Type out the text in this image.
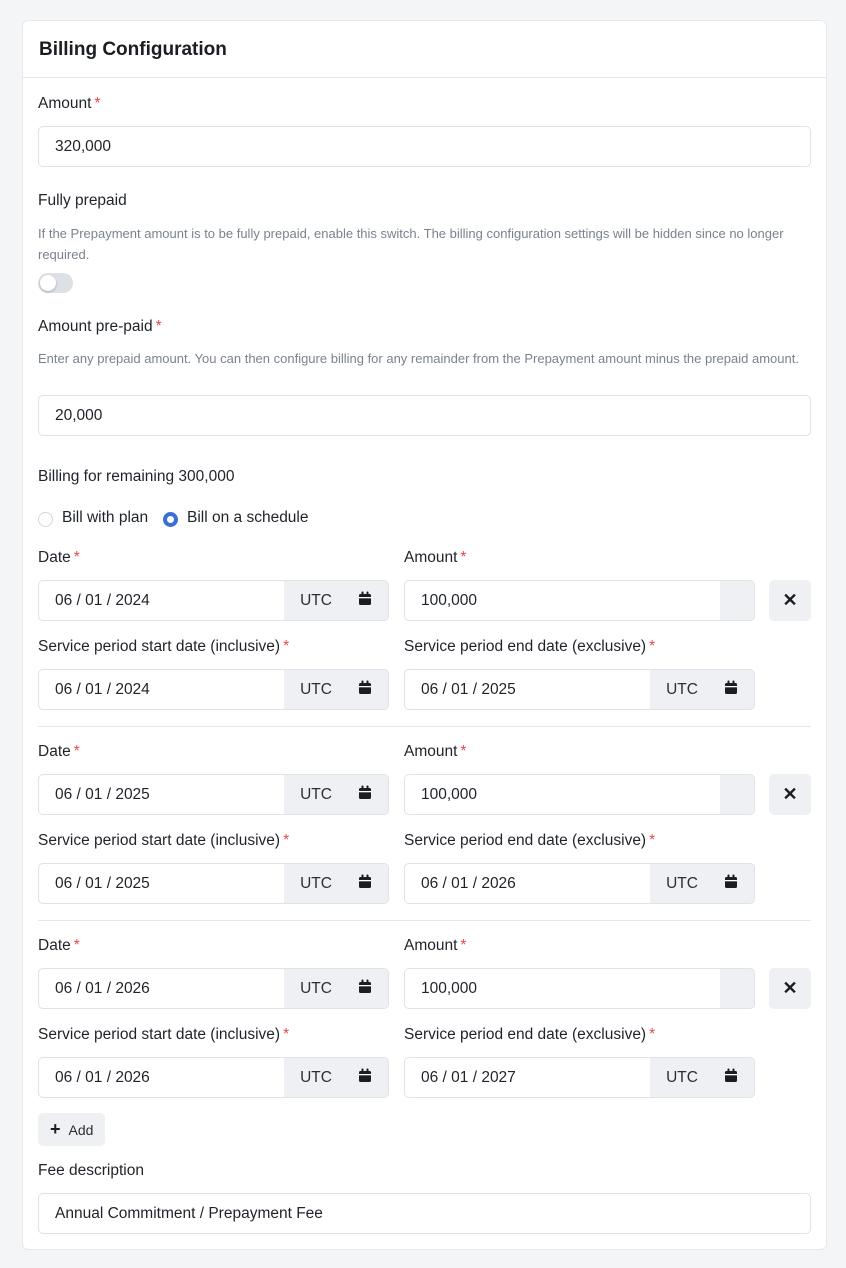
Billing Configuration
Amount *
320,000
Fully prepaid
If the Prepayment amount is to be fully prepaid, enable this switch. The billing configuration settings will be hidden since no longer required.
Amount pre-paid *
Enter any prepaid amount. You can then configure billing for any remainder from the Prepayment amount minus the prepaid amount.
20,000
Billing for remaining 300,000
Bill with plan	Bill on a schedule
Date *	Amount *
06 / 01 / 2024	UTC	100,000	✕
Service period start date (inclusive) *	Service period end date (exclusive) *
06 / 01 / 2024	UTC	06 / 01 / 2025	UTC
Date *	Amount *
06 / 01 / 2025	UTC	100,000	✕
Service period start date (inclusive) *	Service period end date (exclusive) *
06 / 01 / 2025	UTC	06 / 01 / 2026	UTC
Date *	Amount *
06 / 01 / 2026	UTC	100,000	✕
Service period start date (inclusive) *	Service period end date (exclusive) *
06 / 01 / 2026	UTC	06 / 01 / 2027	UTC
+ Add
Fee description
Annual Commitment / Prepayment Fee
